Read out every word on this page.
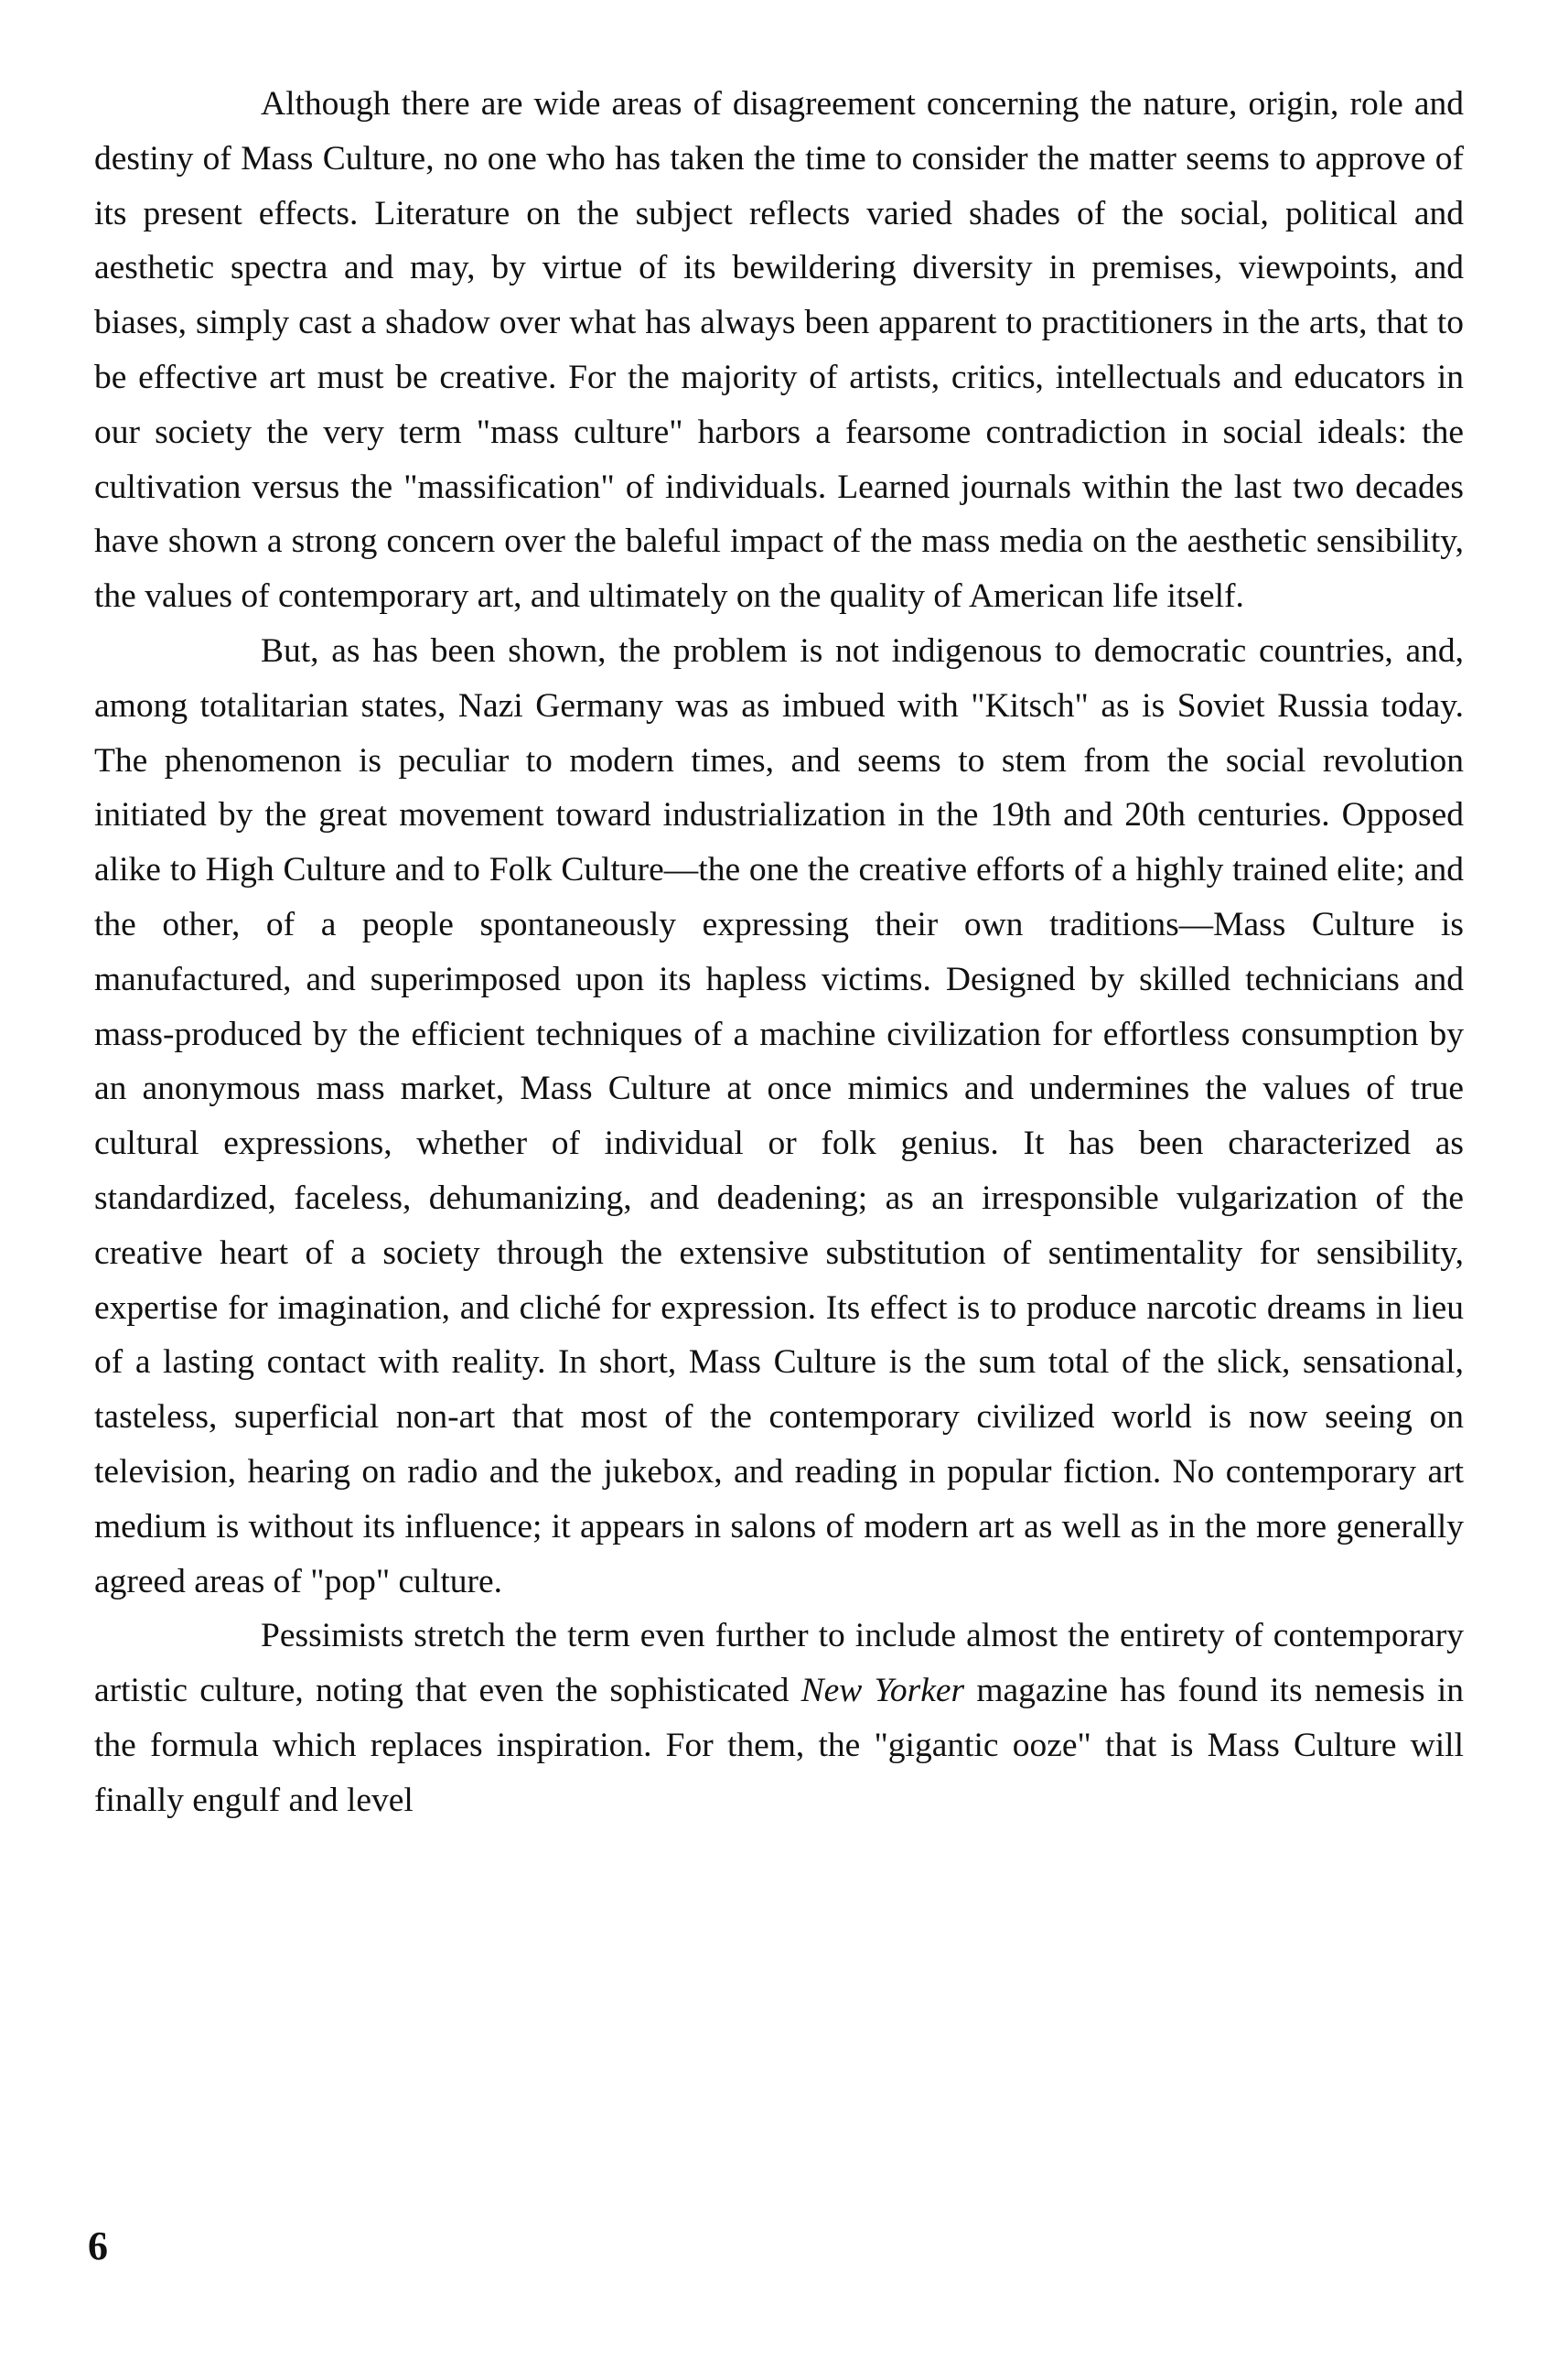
Although there are wide areas of disagreement concerning the nature, origin, role and destiny of Mass Culture, no one who has taken the time to consider the matter seems to approve of its present effects. Literature on the subject reflects varied shades of the social, political and aesthetic spectra and may, by virtue of its bewildering diversity in premises, viewpoints, and biases, simply cast a shadow over what has always been apparent to practitioners in the arts, that to be effective art must be creative. For the majority of artists, critics, intellectuals and educators in our society the very term "mass culture" harbors a fearsome contradiction in social ideals: the cultivation versus the "massification" of individuals. Learned journals within the last two decades have shown a strong concern over the baleful impact of the mass media on the aesthetic sensibility, the values of contemporary art, and ultimately on the quality of American life itself.

But, as has been shown, the problem is not indigenous to democratic countries, and, among totalitarian states, Nazi Germany was as imbued with "Kitsch" as is Soviet Russia today. The phenomenon is peculiar to modern times, and seems to stem from the social revolution initiated by the great movement toward industrialization in the 19th and 20th centuries. Opposed alike to High Culture and to Folk Culture—the one the creative efforts of a highly trained elite; and the other, of a people spontaneously expressing their own traditions—Mass Culture is manufactured, and superimposed upon its hapless victims. Designed by skilled technicians and mass-produced by the efficient techniques of a machine civilization for effortless consumption by an anonymous mass market, Mass Culture at once mimics and undermines the values of true cultural expressions, whether of individual or folk genius. It has been characterized as standardized, faceless, dehumanizing, and deadening; as an irresponsible vulgarization of the creative heart of a society through the extensive substitution of sentimentality for sensibility, expertise for imagination, and cliché for expression. Its effect is to produce narcotic dreams in lieu of a lasting contact with reality. In short, Mass Culture is the sum total of the slick, sensational, tasteless, superficial non-art that most of the contemporary civilized world is now seeing on television, hearing on radio and the jukebox, and reading in popular fiction. No contemporary art medium is without its influence; it appears in salons of modern art as well as in the more generally agreed areas of "pop" culture.

Pessimists stretch the term even further to include almost the entirety of contemporary artistic culture, noting that even the sophisticated New Yorker magazine has found its nemesis in the formula which replaces inspiration. For them, the "gigantic ooze" that is Mass Culture will finally engulf and level

6
